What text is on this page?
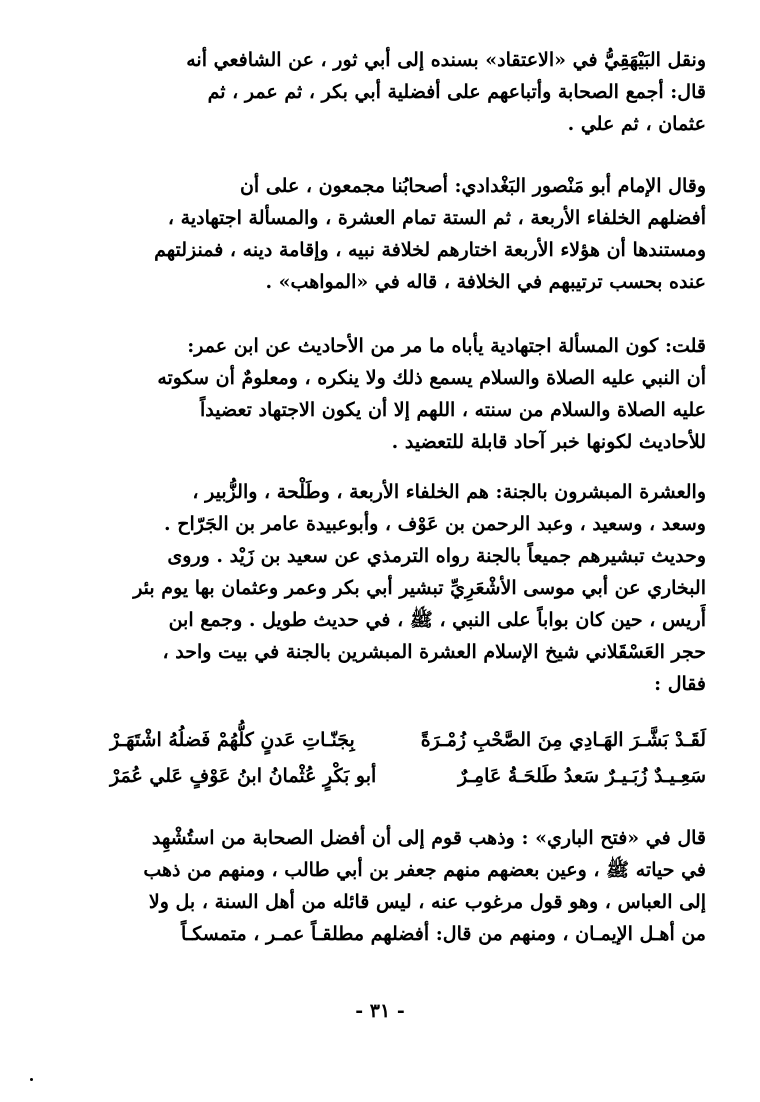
ونقل البَيْهَقِيُّ في «الاعتقاد» بسنده إلى أبي ثور ، عن الشافعي أنه
قال: أجمع الصحابة وأتباعهم على أفضلية أبي بكر ، ثم عمر ، ثم
عثمان ، ثم علي .
وقال الإمام أبو مَنْصور البَغْدادي: أصحابُنا مجمعون ، على أن
أفضلهم الخلفاء الأربعة ، ثم الستة تمام العشرة ، والمسألة اجتهادية ،
ومستندها أن هؤلاء الأربعة اختارهم لخلافة نبيه ، وإقامة دينه ، فمنزلتهم
عنده بحسب ترتيبهم في الخلافة ، قاله في «المواهب» .
قلت: كون المسألة اجتهادية يأباه ما مر من الأحاديث عن ابن عمر:
أن النبي عليه الصلاة والسلام يسمع ذلك ولا ينكره ، ومعلومٌ أن سكوته
عليه الصلاة والسلام من سنته ، اللهم إلا أن يكون الاجتهاد تعضيداً
للأحاديث لكونها خبر آحاد قابلة للتعضيد .
والعشرة المبشرون بالجنة: هم الخلفاء الأربعة ، وطَلْحة ، والزُّبير ،
وسعد ، وسعيد ، وعبد الرحمن بن عَوْف ، وأبوعبيدة عامر بن الجَرّاح .
وحديث تبشيرهم جميعاً بالجنة رواه الترمذي عن سعيد بن زَيْد . وروى
البخاري عن أبي موسى الأشْعَرِيِّ تبشير أبي بكر وعمر وعثمان بها يوم بئر
أَريس ، حين كان بواباً على النبي ، ﷺ ، في حديث طويل . وجمع ابن
حجر العَسْقَلاني شيخ الإسلام العشرة المبشرين بالجنة في بيت واحد ،
فقال :
لَقَـدْ بَشَّـرَ الهَـادِي مِنَ الصَّحْبِ زُمْـرَةً
بِجَنّـاتِ عَدنٍ كلُّهُمْ فَضلُهُ اشْتَهَـرْ
سَعِـيـدٌ زُبَـيـرٌ سَعدُ طَلحَـةُ عَامِـرٌ
أبو بَكْرٍ عُثْمانُ ابنُ عَوْفٍ عَلي عُمَرْ
قال في «فتح الباري» : وذهب قوم إلى أن أفضل الصحابة من استُشْهِد
في حياته ﷺ ، وعين بعضهم منهم جعفر بن أبي طالب ، ومنهم من ذهب
إلى العباس ، وهو قول مرغوب عنه ، ليس قائله من أهل السنة ، بل ولا
من أهـل الإيمـان ، ومنهم من قال: أفضلهم مطلقـاً عمـر ، متمسكـاً
- ٣١ -
